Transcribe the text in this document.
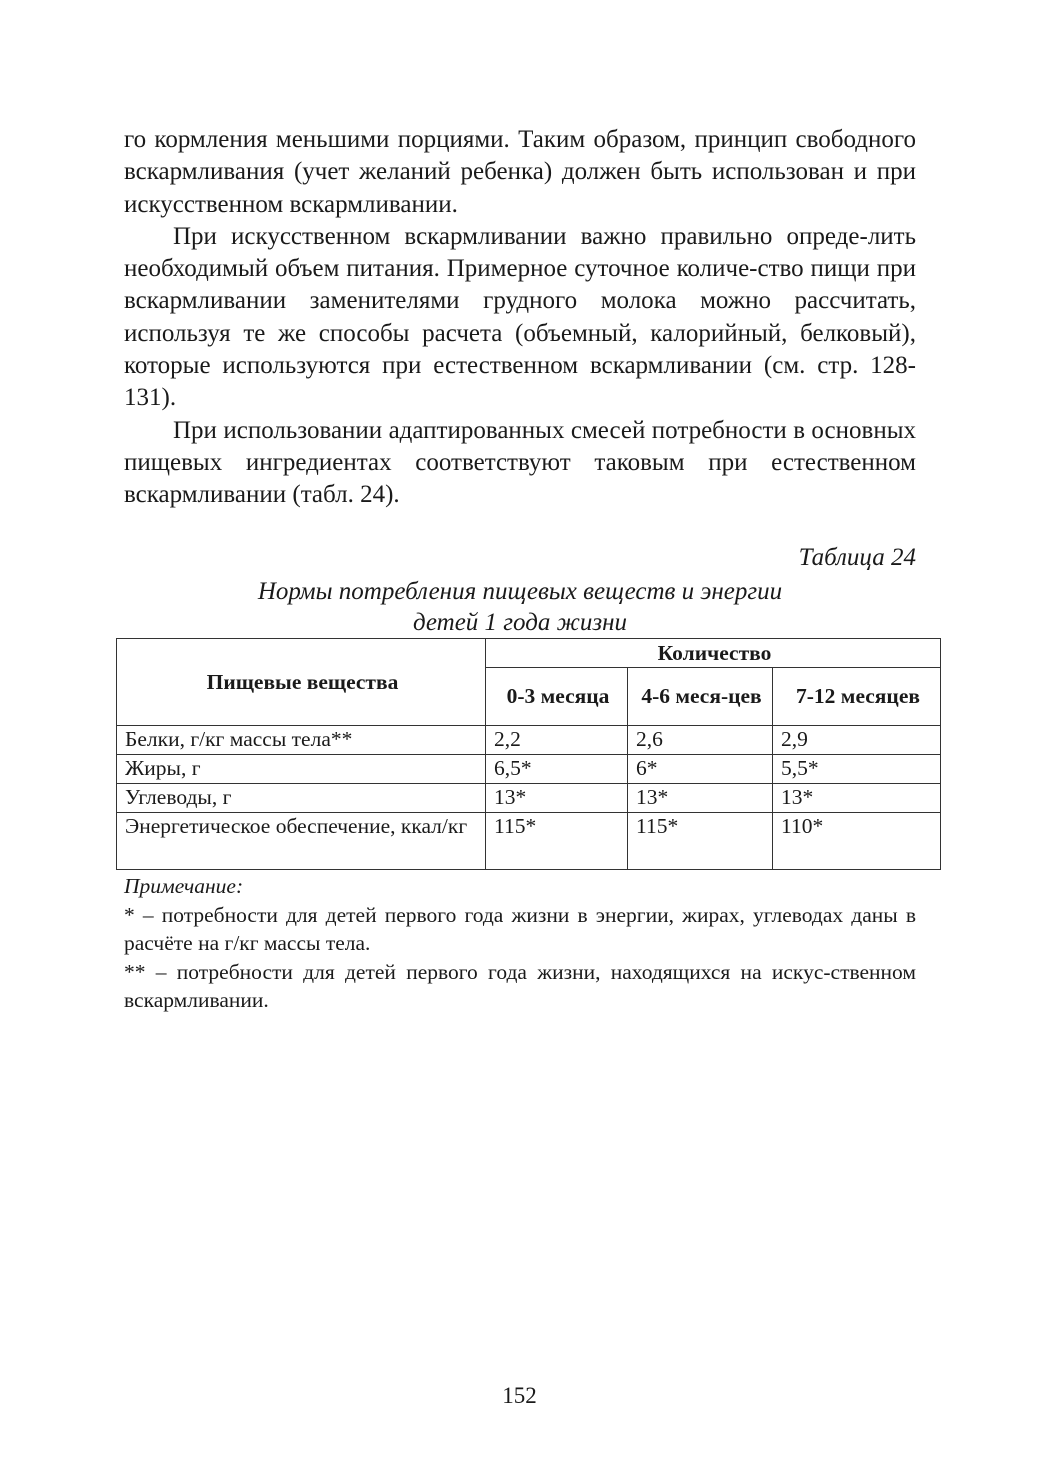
го кормления меньшими порциями. Таким образом, принцип свободного вскармливания (учет желаний ребенка) должен быть использован и при искусственном вскармливании.

При искусственном вскармливании важно правильно опреде-лить необходимый объем питания. Примерное суточное количе-ство пищи при вскармливании заменителями грудного молока можно рассчитать, используя те же способы расчета (объемный, калорийный, белковый), которые используются при естественном вскармливании (см. стр. 128-131).

При использовании адаптированных смесей потребности в основных пищевых ингредиентах соответствуют таковым при естественном вскармливании (табл. 24).

Таблица 24

Нормы потребления пищевых веществ и энергии
детей 1 года жизни
Пищевые вещества	Количество		
	0-3 месяца	4-6 меся-цев	7-12 месяцев
Белки, г/кг массы тела**	2,2	2,6	2,9
Жиры, г	6,5*	6*	5,5*
Углеводы, г	13*	13*	13*
Энергетическое обеспечение, ккал/кг	115*	115*	110*

Примечание:

* – потребности для детей первого года жизни в энергии, жирах, углеводах даны в расчёте на г/кг массы тела.

** – потребности для детей первого года жизни, находящихся на искус-ственном вскармливании.

152
